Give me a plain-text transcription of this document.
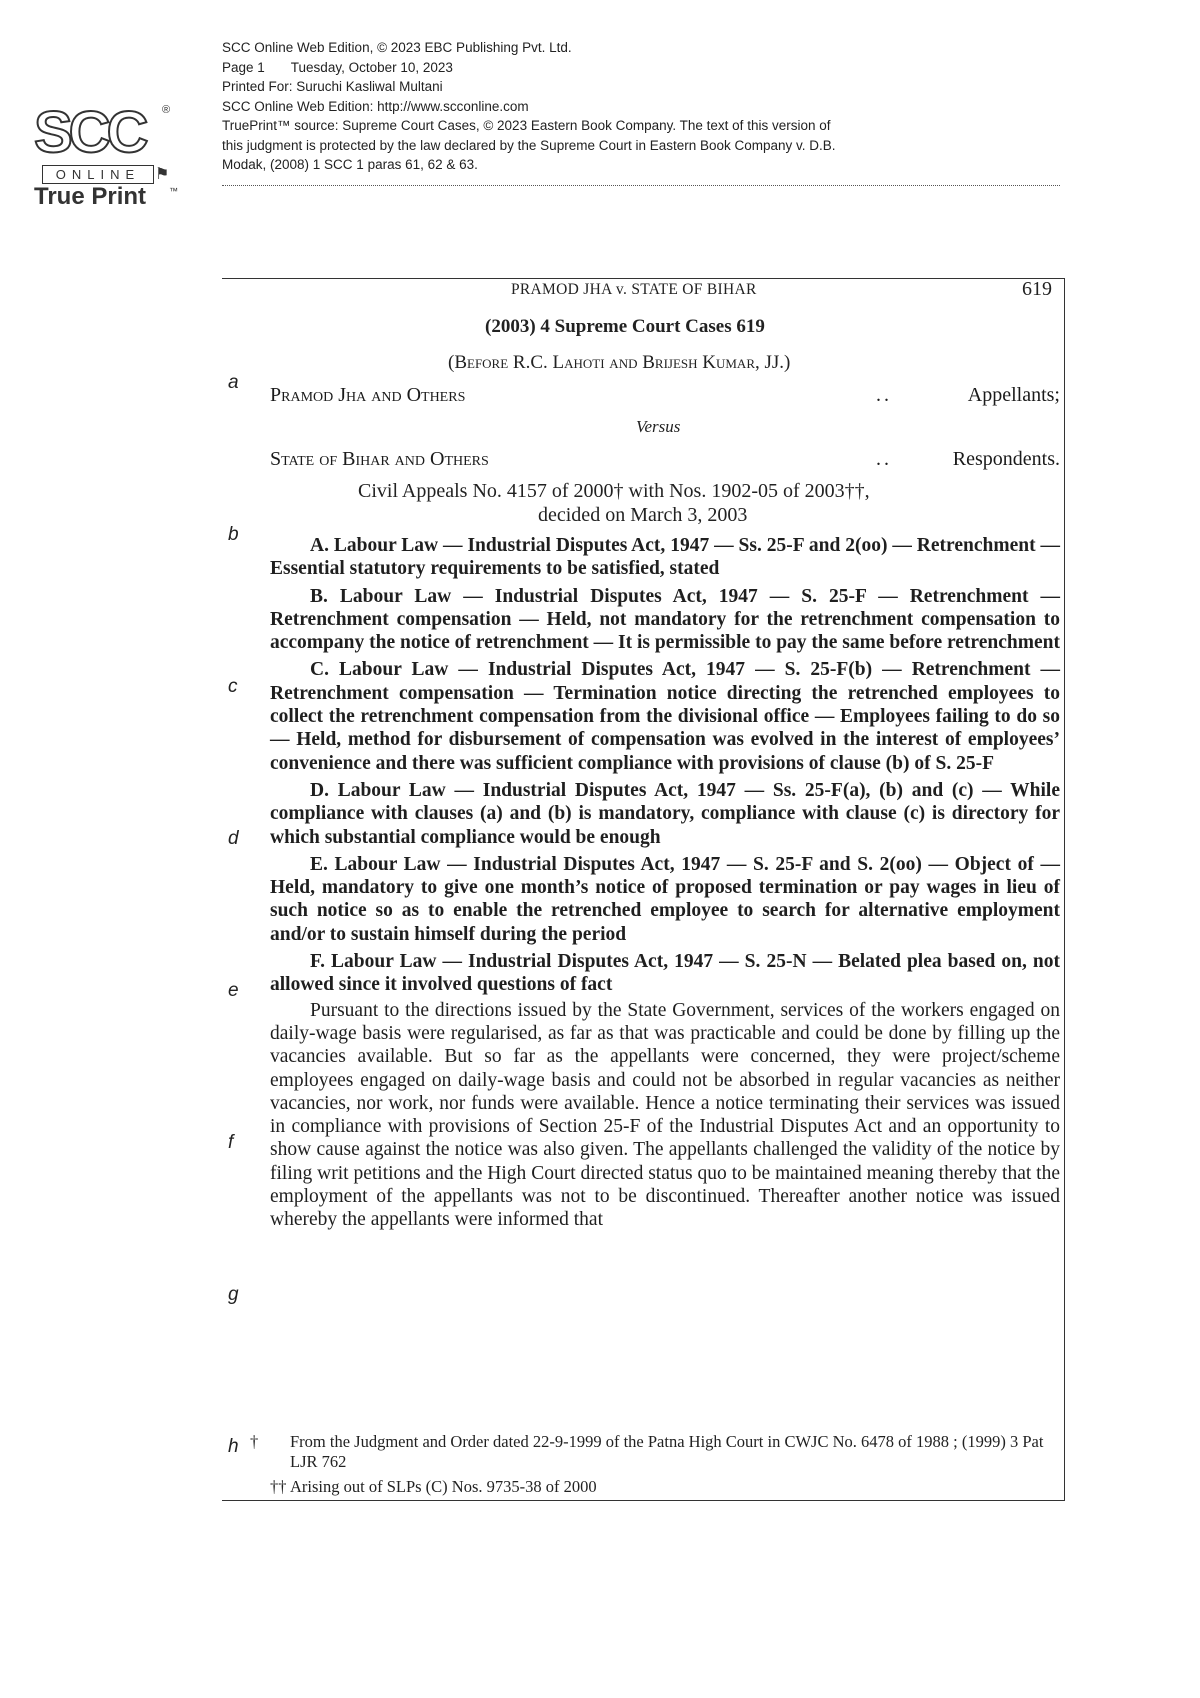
SCC Online Web Edition, © 2023 EBC Publishing Pvt. Ltd.
Page 1       Tuesday, October 10, 2023
Printed For: Suruchi Kasliwal Multani
SCC Online Web Edition: http://www.scconline.com
TruePrint™ source: Supreme Court Cases, © 2023 Eastern Book Company. The text of this version of
this judgment is protected by the law declared by the Supreme Court in Eastern Book Company v. D.B.
Modak, (2008) 1 SCC 1 paras 61, 62 & 63.
SCC ®
ONLINE ⚑
True Print	™
PRAMOD JHA v. STATE OF BIHAR	619
(2003) 4 Supreme Court Cases 619
(Before R.C. Lahoti and Brijesh Kumar, JJ.)
Pramod Jha and Others	..	Appellants;
Versus
State of Bihar and Others	..	Respondents.
Civil Appeals No. 4157 of 2000† with Nos. 1902-05 of 2003††,
decided on March 3, 2003

A. Labour Law — Industrial Disputes Act, 1947 — Ss. 25-F and 2(oo) — Retrenchment — Essential statutory requirements to be satisfied, stated

B. Labour Law — Industrial Disputes Act, 1947 — S. 25-F — Retrenchment — Retrenchment compensation — Held, not mandatory for the retrenchment compensation to accompany the notice of retrenchment — It is permissible to pay the same before retrenchment

C. Labour Law — Industrial Disputes Act, 1947 — S. 25-F(b) — Retrenchment — Retrenchment compensation — Termination notice directing the retrenched employees to collect the retrenchment compensation from the divisional office — Employees failing to do so — Held, method for disbursement of compensation was evolved in the interest of employees’ convenience and there was sufficient compliance with provisions of clause (b) of S. 25-F

D. Labour Law — Industrial Disputes Act, 1947 — Ss. 25-F(a), (b) and (c) — While compliance with clauses (a) and (b) is mandatory, compliance with clause (c) is directory for which substantial compliance would be enough

E. Labour Law — Industrial Disputes Act, 1947 — S. 25-F and S. 2(oo) — Object of — Held, mandatory to give one month’s notice of proposed termination or pay wages in lieu of such notice so as to enable the retrenched employee to search for alternative employment and/or to sustain himself during the period

F. Labour Law — Industrial Disputes Act, 1947 — S. 25-N — Belated plea based on, not allowed since it involved questions of fact

Pursuant to the directions issued by the State Government, services of the workers engaged on daily-wage basis were regularised, as far as that was practicable and could be done by filling up the vacancies available. But so far as the appellants were concerned, they were project/scheme employees engaged on daily-wage basis and could not be absorbed in regular vacancies as neither vacancies, nor work, nor funds were available. Hence a notice terminating their services was issued in compliance with provisions of Section 25-F of the Industrial Disputes Act and an opportunity to show cause against the notice was also given. The appellants challenged the validity of the notice by filing writ petitions and the High Court directed status quo to be maintained meaning thereby that the employment of the appellants was not to be discontinued. Thereafter another notice was issued whereby the appellants were informed that

a
b
c
d
e
f
g
h † From the Judgment and Order dated 22-9-1999 of the Patna High Court in CWJC No. 6478 of 1988 ; (1999) 3 Pat LJR 762
†† Arising out of SLPs (C) Nos. 9735-38 of 2000
